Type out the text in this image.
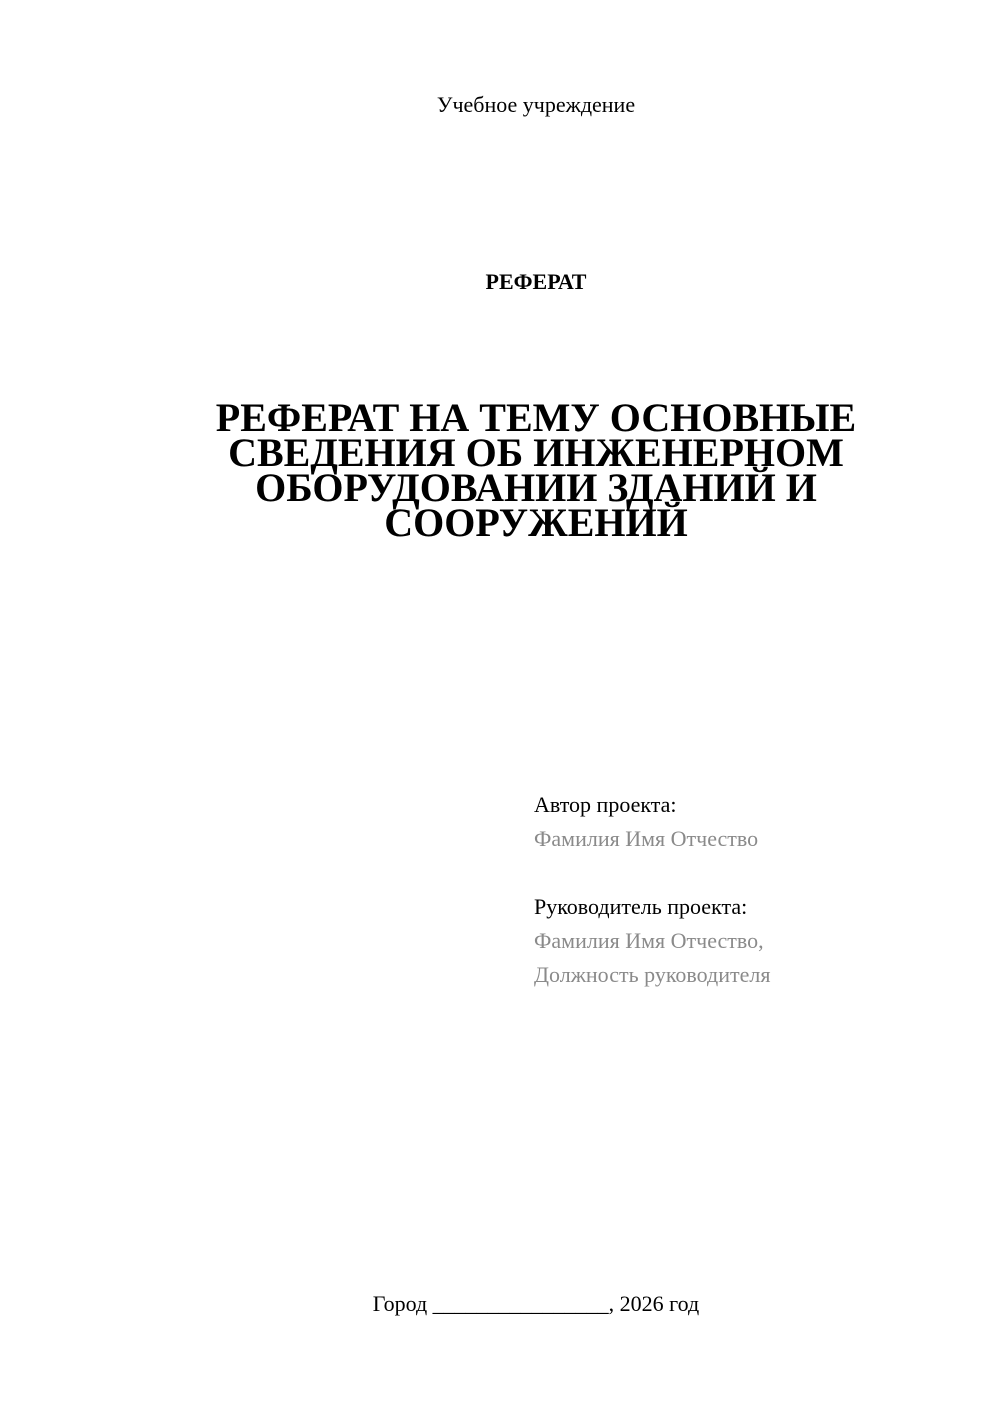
Учебное учреждение
РЕФЕРАТ
РЕФЕРАТ НА ТЕМУ ОСНОВНЫЕ
СВЕДЕНИЯ ОБ ИНЖЕНЕРНОМ
ОБОРУДОВАНИИ ЗДАНИЙ И
СООРУЖЕНИЙ
Автор проекта:
Фамилия Имя Отчество
Руководитель проекта:
Фамилия Имя Отчество,
Должность руководителя
Город ________________, 2026 год
